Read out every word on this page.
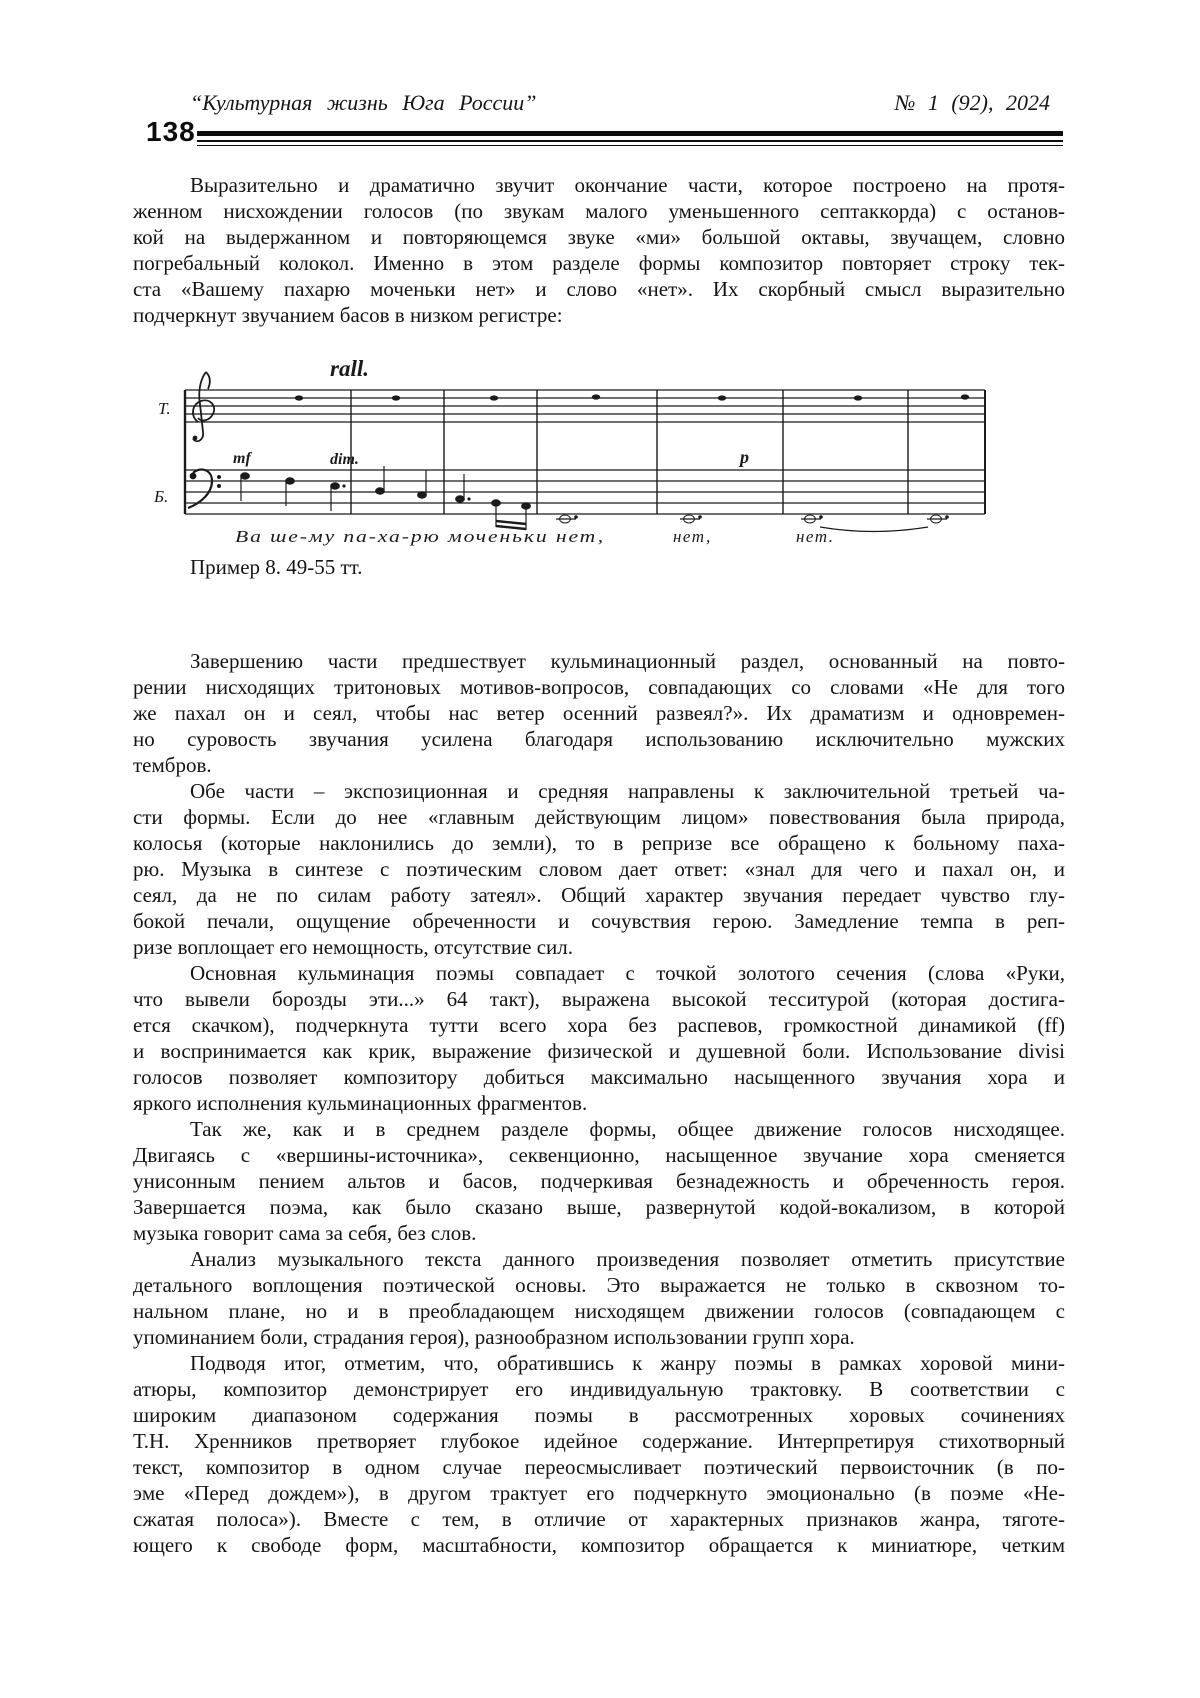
“Культурная жизнь Юга России”	№ 1 (92), 2024
138
Выразительно и драматично звучит окончание части, которое построено на протя-
женном нисхождении голосов (по звукам малого уменьшенного септаккорда) с останов-
кой на выдержанном и повторяющемся звуке «ми» большой октавы, звучащем, словно
погребальный колокол. Именно в этом разделе формы композитор повторяет строку тек-
ста «Вашему пахарю моченьки нет» и слово «нет». Их скорбный смысл выразительно
подчеркнут звучанием басов в низком регистре:
rall.
Т.
Б.
mf	dim.	p
Ва ше-му па-ха-рю моченьки нет,	нет,	нет.
Пример 8. 49-55 тт.
Завершению части предшествует кульминационный раздел, основанный на повто-
рении нисходящих тритоновых мотивов-вопросов, совпадающих со словами «Не для того
же пахал он и сеял, чтобы нас ветер осенний развеял?». Их драматизм и одновремен-
но суровость звучания усилена благодаря использованию исключительно мужских
тембров.
Обе части – экспозиционная и средняя направлены к заключительной третьей ча-
сти формы. Если до нее «главным действующим лицом» повествования была природа,
колосья (которые наклонились до земли), то в репризе все обращено к больному паха-
рю. Музыка в синтезе с поэтическим словом дает ответ: «знал для чего и пахал он, и
сеял, да не по силам работу затеял». Общий характер звучания передает чувство глу-
бокой печали, ощущение обреченности и сочувствия герою. Замедление темпа в реп-
ризе воплощает его немощность, отсутствие сил.
Основная кульминация поэмы совпадает с точкой золотого сечения (слова «Руки,
что вывели борозды эти...» 64 такт), выражена высокой тесситурой (которая достига-
ется скачком), подчеркнута тутти всего хора без распевов, громкостной динамикой (ff)
и воспринимается как крик, выражение физической и душевной боли. Использование divisi
голосов позволяет композитору добиться максимально насыщенного звучания хора и
яркого исполнения кульминационных фрагментов.
Так же, как и в среднем разделе формы, общее движение голосов нисходящее.
Двигаясь с «вершины-источника», секвенционно, насыщенное звучание хора сменяется
унисонным пением альтов и басов, подчеркивая безнадежность и обреченность героя.
Завершается поэма, как было сказано выше, развернутой кодой-вокализом, в которой
музыка говорит сама за себя, без слов.
Анализ музыкального текста данного произведения позволяет отметить присутствие
детального воплощения поэтической основы. Это выражается не только в сквозном то-
нальном плане, но и в преобладающем нисходящем движении голосов (совпадающем с
упоминанием боли, страдания героя), разнообразном использовании групп хора.
Подводя итог, отметим, что, обратившись к жанру поэмы в рамках хоровой мини-
атюры, композитор демонстрирует его индивидуальную трактовку. В соответствии с
широким диапазоном содержания поэмы в рассмотренных хоровых сочинениях
Т.Н. Хренников претворяет глубокое идейное содержание. Интерпретируя стихотворный
текст, композитор в одном случае переосмысливает поэтический первоисточник (в по-
эме «Перед дождем»), в другом трактует его подчеркнуто эмоционально (в поэме «Не-
сжатая полоса»). Вместе с тем, в отличие от характерных признаков жанра, тяготе-
ющего к свободе форм, масштабности, композитор обращается к миниатюре, четким
